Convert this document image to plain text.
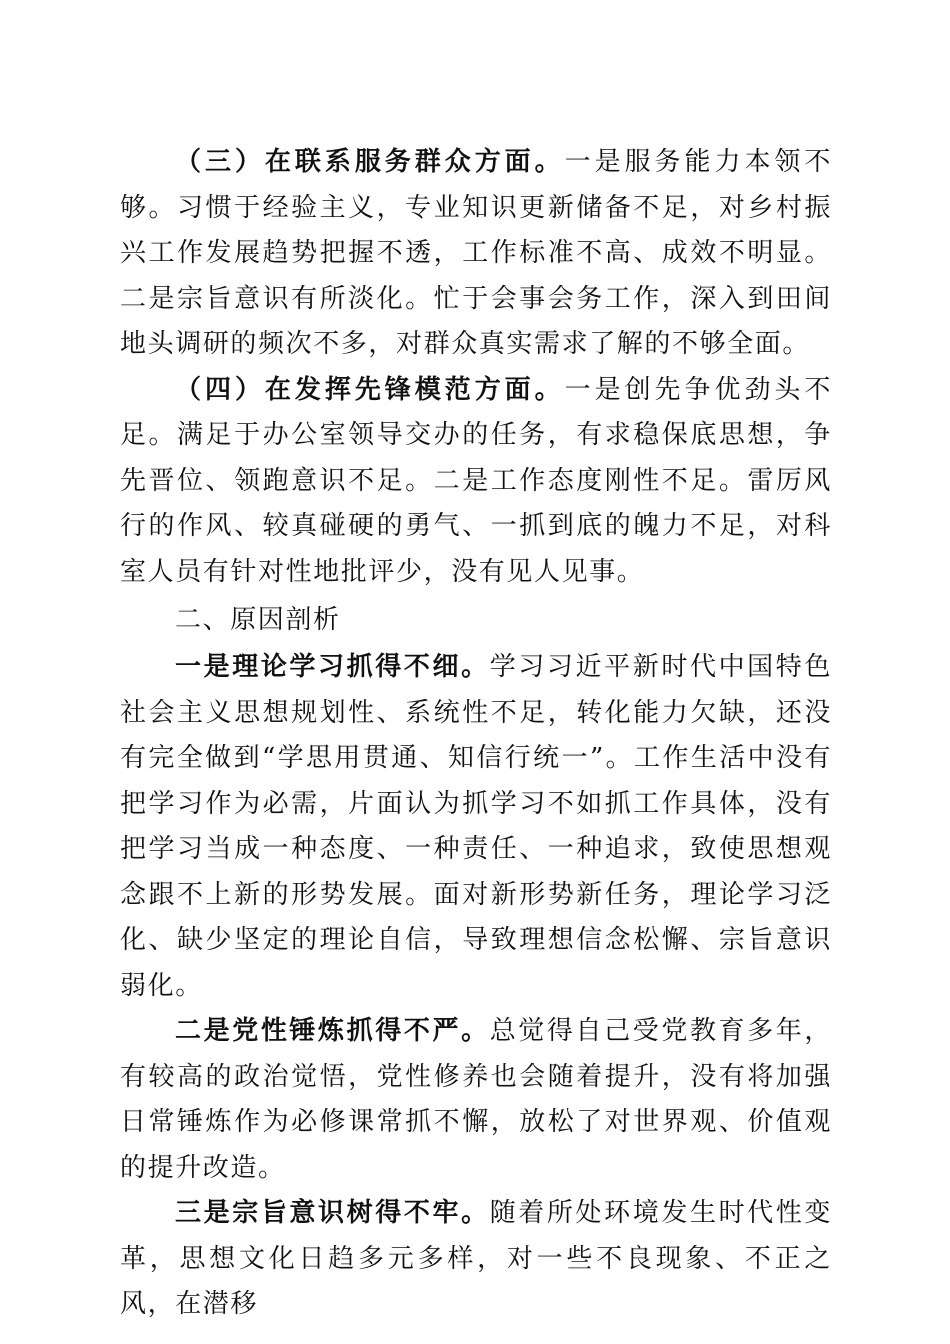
（三）在联系服务群众方面。一是服务能力本领不够。习惯于经验主义，专业知识更新储备不足，对乡村振兴工作发展趋势把握不透，工作标准不高、成效不明显。二是宗旨意识有所淡化。忙于会事会务工作，深入到田间地头调研的频次不多，对群众真实需求了解的不够全面。

（四）在发挥先锋模范方面。一是创先争优劲头不足。满足于办公室领导交办的任务，有求稳保底思想，争先晋位、领跑意识不足。二是工作态度刚性不足。雷厉风行的作风、较真碰硬的勇气、一抓到底的魄力不足，对科室人员有针对性地批评少，没有见人见事。

二、原因剖析

一是理论学习抓得不细。学习习近平新时代中国特色社会主义思想规划性、系统性不足，转化能力欠缺，还没有完全做到“学思用贯通、知信行统一”。工作生活中没有把学习作为必需，片面认为抓学习不如抓工作具体，没有把学习当成一种态度、一种责任、一种追求，致使思想观念跟不上新的形势发展。面对新形势新任务，理论学习泛化、缺少坚定的理论自信，导致理想信念松懈、宗旨意识弱化。

二是党性锤炼抓得不严。总觉得自己受党教育多年，有较高的政治觉悟，党性修养也会随着提升，没有将加强日常锤炼作为必修课常抓不懈，放松了对世界观、价值观的提升改造。

三是宗旨意识树得不牢。随着所处环境发生时代性变革，思想文化日趋多元多样，对一些不良现象、不正之风，在潜移
